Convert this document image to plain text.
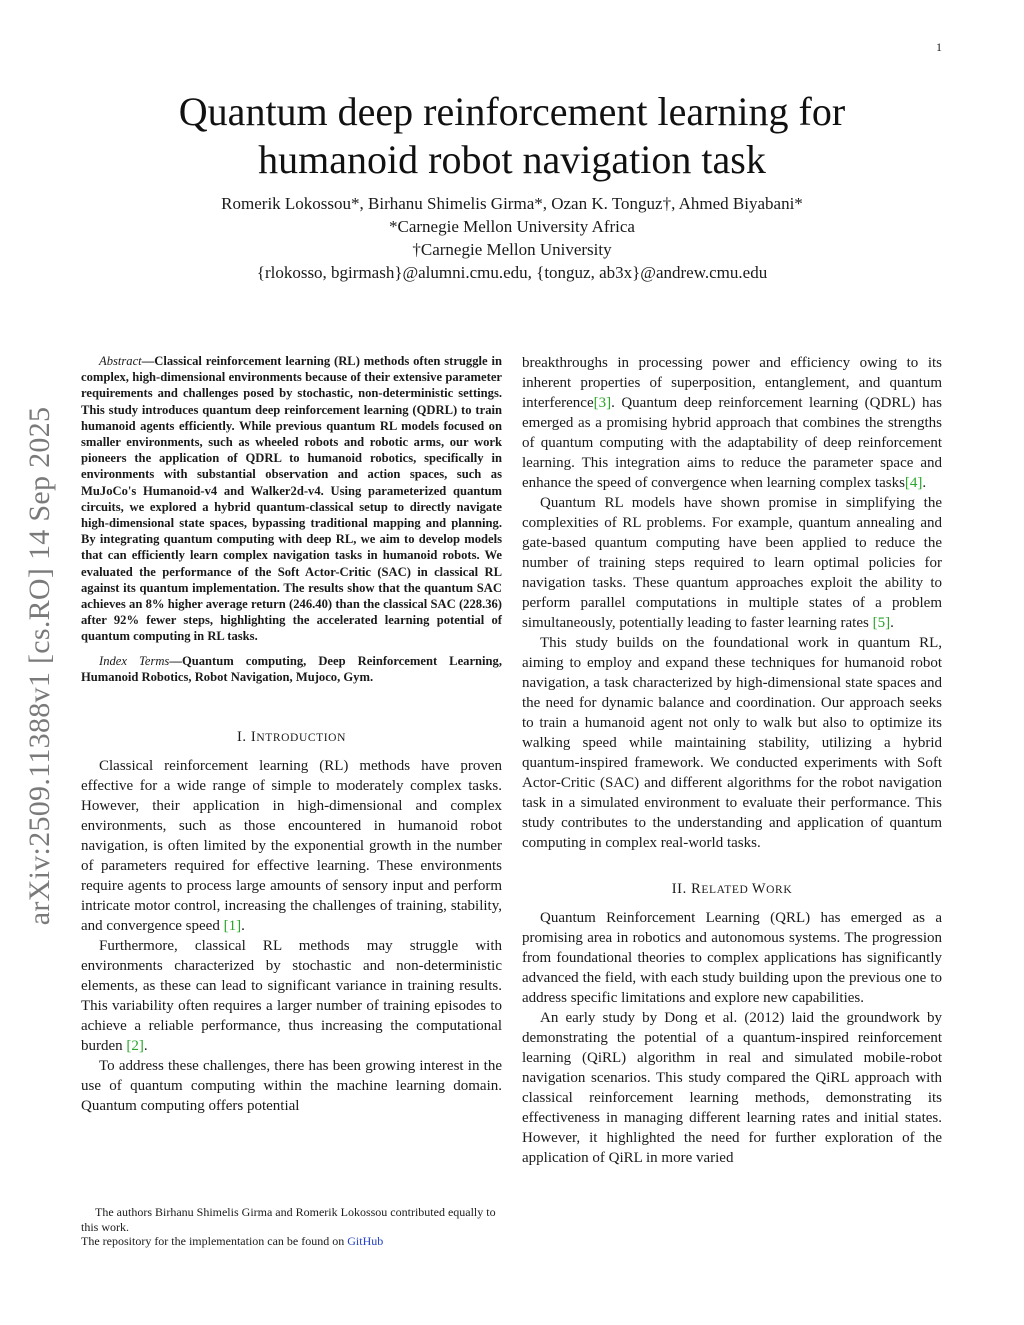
1
arXiv:2509.11388v1 [cs.RO] 14 Sep 2025
Quantum deep reinforcement learning for
humanoid robot navigation task
Romerik Lokossou*, Birhanu Shimelis Girma*, Ozan K. Tonguz†, Ahmed Biyabani*
*Carnegie Mellon University Africa
†Carnegie Mellon University
{rlokosso, bgirmash}@alumni.cmu.edu, {tonguz, ab3x}@andrew.cmu.edu

Abstract—Classical reinforcement learning (RL) methods often struggle in complex, high-dimensional environments because of their extensive parameter requirements and challenges posed by stochastic, non-deterministic settings. This study introduces quantum deep reinforcement learning (QDRL) to train humanoid agents efficiently. While previous quantum RL models focused on smaller environments, such as wheeled robots and robotic arms, our work pioneers the application of QDRL to humanoid robotics, specifically in environments with substantial observation and action spaces, such as MuJoCo's Humanoid-v4 and Walker2d-v4. Using parameterized quantum circuits, we explored a hybrid quantum-classical setup to directly navigate high-dimensional state spaces, bypassing traditional mapping and planning. By integrating quantum computing with deep RL, we aim to develop models that can efficiently learn complex navigation tasks in humanoid robots. We evaluated the performance of the Soft Actor-Critic (SAC) in classical RL against its quantum implementation. The results show that the quantum SAC achieves an 8% higher average return (246.40) than the classical SAC (228.36) after 92% fewer steps, highlighting the accelerated learning potential of quantum computing in RL tasks.

Index Terms—Quantum computing, Deep Reinforcement Learning, Humanoid Robotics, Robot Navigation, Mujoco, Gym.

I. INTRODUCTION

Classical reinforcement learning (RL) methods have proven effective for a wide range of simple to moderately complex tasks. However, their application in high-dimensional and complex environments, such as those encountered in humanoid robot navigation, is often limited by the exponential growth in the number of parameters required for effective learning. These environments require agents to process large amounts of sensory input and perform intricate motor control, increasing the challenges of training, stability, and convergence speed [1].

Furthermore, classical RL methods may struggle with environments characterized by stochastic and non-deterministic elements, as these can lead to significant variance in training results. This variability often requires a larger number of training episodes to achieve a reliable performance, thus increasing the computational burden [2].

To address these challenges, there has been growing interest in the use of quantum computing within the machine learning domain. Quantum computing offers potential

breakthroughs in processing power and efficiency owing to its inherent properties of superposition, entanglement, and quantum interference[3]. Quantum deep reinforcement learning (QDRL) has emerged as a promising hybrid approach that combines the strengths of quantum computing with the adaptability of deep reinforcement learning. This integration aims to reduce the parameter space and enhance the speed of convergence when learning complex tasks[4].

Quantum RL models have shown promise in simplifying the complexities of RL problems. For example, quantum annealing and gate-based quantum computing have been applied to reduce the number of training steps required to learn optimal policies for navigation tasks. These quantum approaches exploit the ability to perform parallel computations in multiple states of a problem simultaneously, potentially leading to faster learning rates [5].

This study builds on the foundational work in quantum RL, aiming to employ and expand these techniques for humanoid robot navigation, a task characterized by high-dimensional state spaces and the need for dynamic balance and coordination. Our approach seeks to train a humanoid agent not only to walk but also to optimize its walking speed while maintaining stability, utilizing a hybrid quantum-inspired framework. We conducted experiments with Soft Actor-Critic (SAC) and different algorithms for the robot navigation task in a simulated environment to evaluate their performance. This study contributes to the understanding and application of quantum computing in complex real-world tasks.

II. RELATED WORK

Quantum Reinforcement Learning (QRL) has emerged as a promising area in robotics and autonomous systems. The progression from foundational theories to complex applications has significantly advanced the field, with each study building upon the previous one to address specific limitations and explore new capabilities.

An early study by Dong et al. (2012) laid the groundwork by demonstrating the potential of a quantum-inspired reinforcement learning (QiRL) algorithm in real and simulated mobile-robot navigation scenarios. This study compared the QiRL approach with classical reinforcement learning methods, demonstrating its effectiveness in managing different learning rates and initial states. However, it highlighted the need for further exploration of the application of QiRL in more varied

The authors Birhanu Shimelis Girma and Romerik Lokossou contributed equally to this work.

The repository for the implementation can be found on GitHub
